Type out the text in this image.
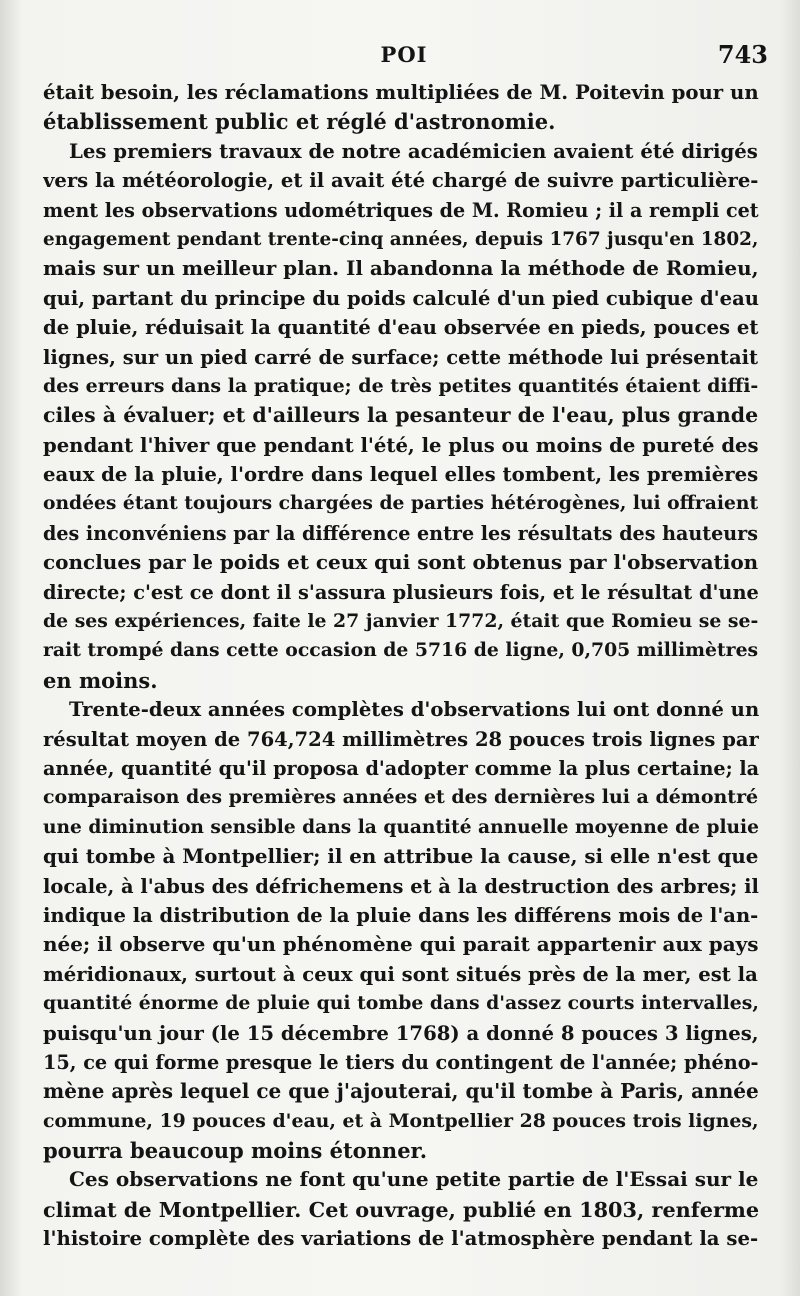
POI	743
était besoin, les réclamations multipliées de M. Poitevin pour un
établissement public et réglé d'astronomie.
Les premiers travaux de notre académicien avaient été dirigés
vers la météorologie, et il avait été chargé de suivre particulière-
ment les observations udométriques de M. Romieu ; il a rempli cet
engagement pendant trente-cinq années, depuis 1767 jusqu'en 1802,
mais sur un meilleur plan. Il abandonna la méthode de Romieu,
qui, partant du principe du poids calculé d'un pied cubique d'eau
de pluie, réduisait la quantité d'eau observée en pieds, pouces et
lignes, sur un pied carré de surface; cette méthode lui présentait
des erreurs dans la pratique; de très petites quantités étaient diffi-
ciles à évaluer; et d'ailleurs la pesanteur de l'eau, plus grande
pendant l'hiver que pendant l'été, le plus ou moins de pureté des
eaux de la pluie, l'ordre dans lequel elles tombent, les premières
ondées étant toujours chargées de parties hétérogènes, lui offraient
des inconvéniens par la différence entre les résultats des hauteurs
conclues par le poids et ceux qui sont obtenus par l'observation
directe; c'est ce dont il s'assura plusieurs fois, et le résultat d'une
de ses expériences, faite le 27 janvier 1772, était que Romieu se se-
rait trompé dans cette occasion de 5716 de ligne, 0,705 millimètres
en moins.
Trente-deux années complètes d'observations lui ont donné un
résultat moyen de 764,724 millimètres 28 pouces trois lignes par
année, quantité qu'il proposa d'adopter comme la plus certaine; la
comparaison des premières années et des dernières lui a démontré
une diminution sensible dans la quantité annuelle moyenne de pluie
qui tombe à Montpellier; il en attribue la cause, si elle n'est que
locale, à l'abus des défrichemens et à la destruction des arbres; il
indique la distribution de la pluie dans les différens mois de l'an-
née; il observe qu'un phénomène qui parait appartenir aux pays
méridionaux, surtout à ceux qui sont situés près de la mer, est la
quantité énorme de pluie qui tombe dans d'assez courts intervalles,
puisqu'un jour (le 15 décembre 1768) a donné 8 pouces 3 lignes,
15, ce qui forme presque le tiers du contingent de l'année; phéno-
mène après lequel ce que j'ajouterai, qu'il tombe à Paris, année
commune, 19 pouces d'eau, et à Montpellier 28 pouces trois lignes,
pourra beaucoup moins étonner.
Ces observations ne font qu'une petite partie de l'Essai sur le
climat de Montpellier. Cet ouvrage, publié en 1803, renferme
l'histoire complète des variations de l'atmosphère pendant la se-
